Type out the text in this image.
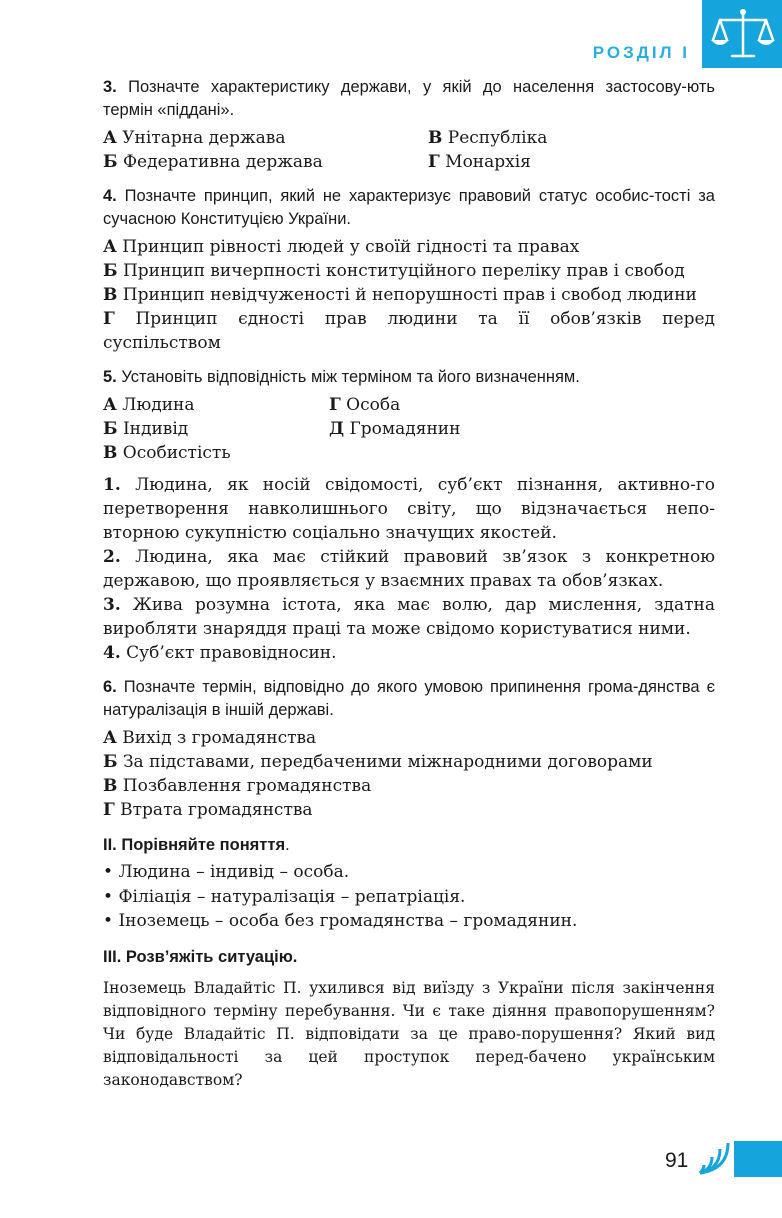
РОЗДІЛ І

3. Позначте характеристику держави, у якій до населення застосову-ють термін «піддані».

А Унітарна держава	В Республіка
Б Федеративна держава	Г Монархія

4. Позначте принцип, який не характеризує правовий статус особис-тості за сучасною Конституцією України.

А Принцип рівності людей у своїй гідності та правах
Б Принцип вичерпності конституційного переліку прав і свобод
В Принцип невідчуженості й непорушності прав і свобод людини
Г Принцип єдності прав людини та її обов’язків перед суспільством

5. Установіть відповідність між терміном та його визначенням.

А Людина	Г Особа
Б Індивід	Д Громадянин
В Особистість

1. Людина, як носій свідомості, суб’єкт пізнання, активно-го перетворення навколишнього світу, що відзначається непо-вторною сукупністю соціально значущих якостей.

2. Людина, яка має стійкий правовий зв’язок з конкретною державою, що проявляється у взаємних правах та обов’язках.

3. Жива розумна істота, яка має волю, дар мислення, здатна виробляти знаряддя праці та може свідомо користуватися ними.

4. Суб’єкт правовідносин.

6. Позначте термін, відповідно до якого умовою припинення грома-дянства є натуралізація в іншій державі.

А Вихід з громадянства
Б За підставами, передбаченими міжнародними договорами
В Позбавлення громадянства
Г Втрата громадянства

ІІ. Порівняйте поняття.

• Людина – індивід – особа.

• Філіація – натуралізація – репатріація.

• Іноземець – особа без громадянства – громадянин.

ІІІ. Розв’яжіть ситуацію.

Іноземець Владайтіс П. ухилився від виїзду з України після закінчення відповідного терміну перебування. Чи є таке діяння правопорушенням? Чи буде Владайтіс П. відповідати за це право-порушення? Який вид відповідальності за цей проступок перед-бачено українським законодавством?

91
